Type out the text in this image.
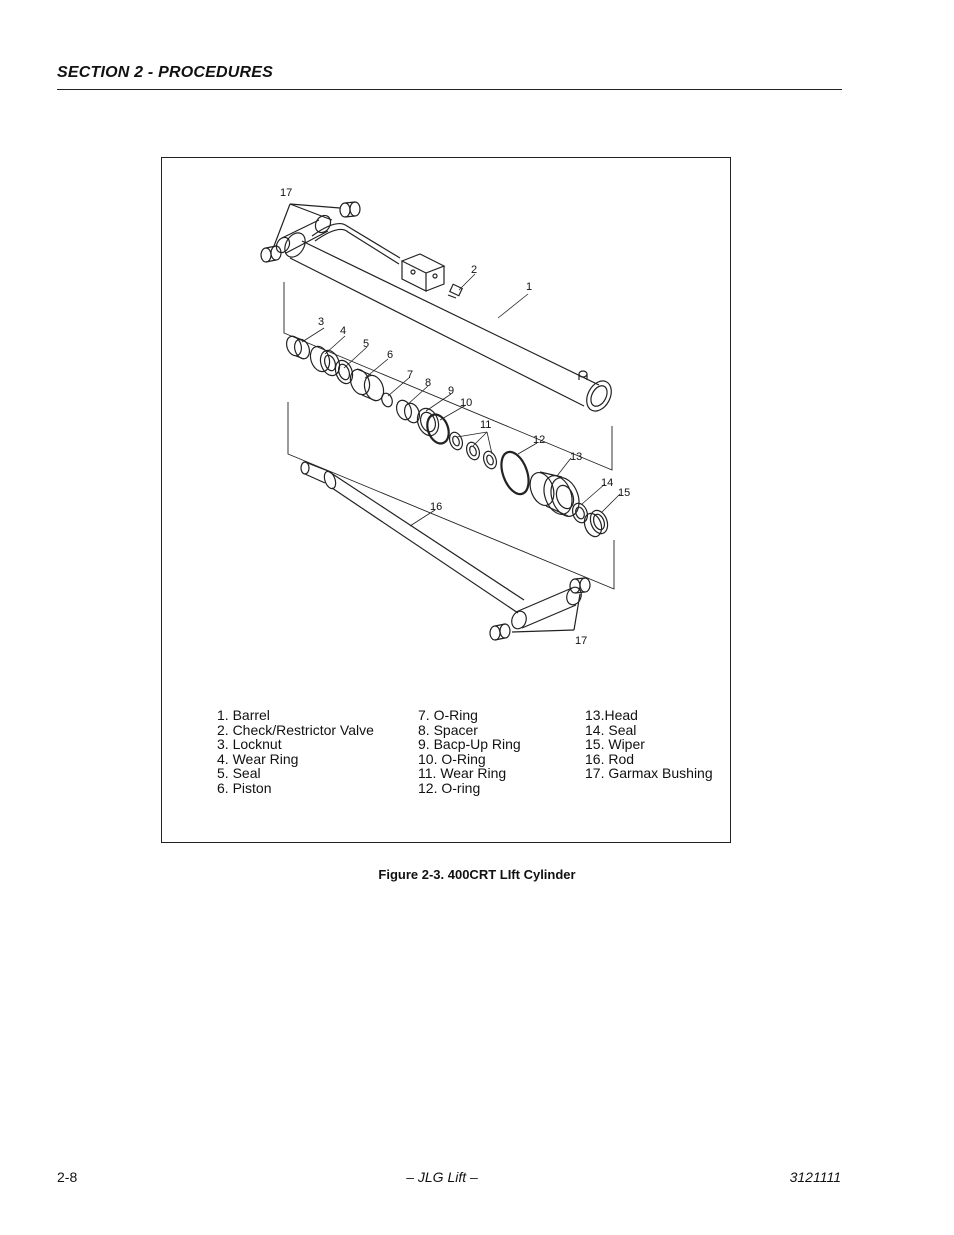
SECTION 2 - PROCEDURES
1
2
3
4
5
6
7
8
9
10
11
12
13
14
15
16
17
17
1. Barrel
2. Check/Restrictor Valve
3. Locknut
4. Wear Ring
5. Seal
6. Piston
7. O-Ring
8. Spacer
9. Bacp-Up Ring
10. O-Ring
11. Wear Ring
12. O-ring
13.Head
14. Seal
15. Wiper
16. Rod
17. Garmax Bushing
Figure 2-3. 400CRT LIft Cylinder
2-8	– JLG Lift –	3121111
